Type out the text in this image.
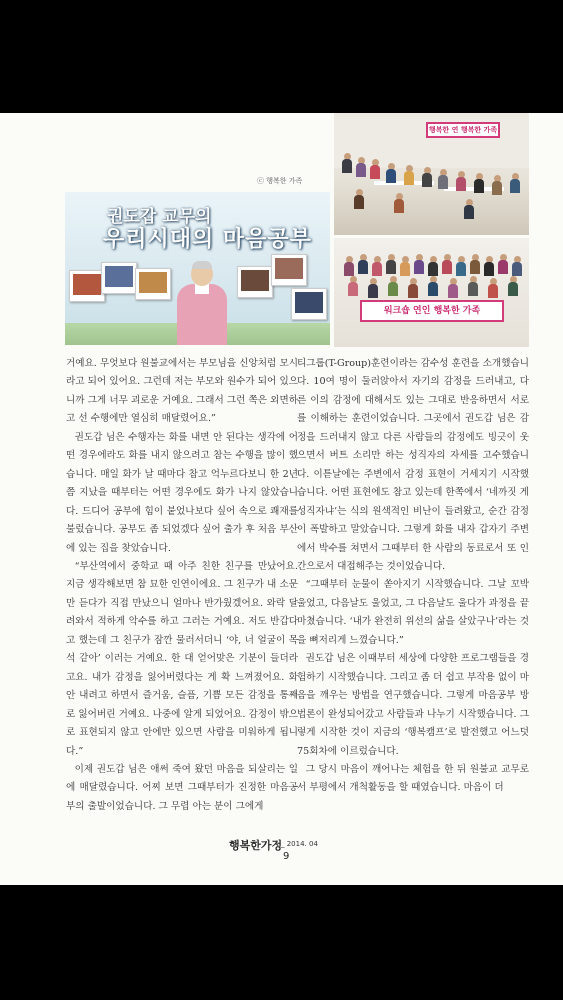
행복한 연 행복한 가족
워크숍 연인 행복한 가족
ⓒ 행복한 가족
권도갑 교무의
우리시대의 마음공부

거예요. 무엇보다 원불교에서는 부모님을 신앙처럼 모시라고 되어 있어요. 그런데 저는 부모와 원수가 되어 있으니까 그게 너무 괴로운 거예요. 그래서 그런 쪽은 외면하고 선 수행에만 열심히 매달렸어요.”

권도갑 님은 수행자는 화를 내면 안 된다는 생각에 어떤 경우에라도 화를 내지 않으려고 참는 수행을 많이 했습니다. 매일 화가 날 때마다 참고 억누르다보니 한 2년쯤 지났을 때부터는 어떤 경우에도 화가 나지 않았습니다. 드디어 공부에 힘이 붙었나보다 싶어 속으로 쾌재를 불렀습니다. 공부도 좀 되었겠다 싶어 출가 후 처음 부산에 있는 집을 찾았습니다.

“부산역에서 중학교 때 아주 친한 친구를 만났어요. 지금 생각해보면 참 묘한 인연이에요. 그 친구가 내 소문만 듣다가 직접 만났으니 얼마나 반가웠겠어요. 와락 달려와서 적하게 악수를 하고 그러는 거예요. 저도 반갑다고 했는데 그 친구가 잠깐 물러서더니 ‘야, 너 얼굴이 목석 같아’ 이러는 거예요. 한 대 얻어맞은 기분이 들더라고요. 내가 감정을 잃어버렸다는 게 확 느껴졌어요. 화 안 내려고 하면서 즐거움, 슬픔, 기쁨 모든 감정을 통째로 잃어버린 거예요. 나중에 알게 되었어요. 감정이 밖으로 표현되지 않고 안에만 있으면 사람을 미워하게 됩니다.”

이제 권도갑 님은 애써 죽여 왔던 마음을 되살리는 일에 매달렸습니다. 어찌 보면 그때부터가 진정한 마음공부의 출발이었습니다. 그 무렵 아는 분이 그에게

티그룹(T-Group)훈련이라는 감수성 훈련을 소개했습니다. 10여 명이 둘러앉아서 자기의 감정을 드러내고, 다른 이의 감정에 대해서도 있는 그대로 반응하면서 서로를 이해하는 훈련이었습니다. 그곳에서 권도갑 님은 감정을 드러내지 않고 다른 사람들의 감정에도 빙긋이 웃으면서 버트 소리만 하는 성직자의 자세를 고수했습니다. 이튿날에는 주변에서 감정 표현이 거세지기 시작했습니다. 어떤 표현에도 참고 있는데 한쪽에서 ‘네까짓 게 성직자냐’는 식의 원색적인 비난이 들려왔고, 순간 감정이 폭발하고 말았습니다. 그렇게 화를 내자 갑자기 주변에서 박수를 쳐면서 그때부터 한 사람의 동료로서 또 인간으로서 대접해주는 것이었습니다.

“그때부터 눈물이 쏟아지기 시작했습니다. 그날 꼬박 울었고, 다음날도 울었고, 그 다음날도 울다가 과정을 끝마쳤습니다. ‘내가 완전히 위선의 삶을 살았구나’라는 것을 뼈저리게 느꼈습니다.”

권도갑 님은 이때부터 세상에 다양한 프로그램들을 경험하기 시작했습니다. 그리고 좀 더 쉽고 부작용 없이 마음을 깨우는 방법을 연구했습니다. 그렇게 마음공부 방법론이 완성되어갔고 사람들과 나누기 시작했습니다. 그렇게 시작한 것이 지금의 ‘행복캠프’로 발전했고 어느덧 75회차에 이르렀습니다.

그 당시 마음이 깨어나는 체험을 한 뒤 원불교 교무로서 부평에서 개척활동을 할 때였습니다. 마음이 더

행복한가정
_ 2014. 04
9
